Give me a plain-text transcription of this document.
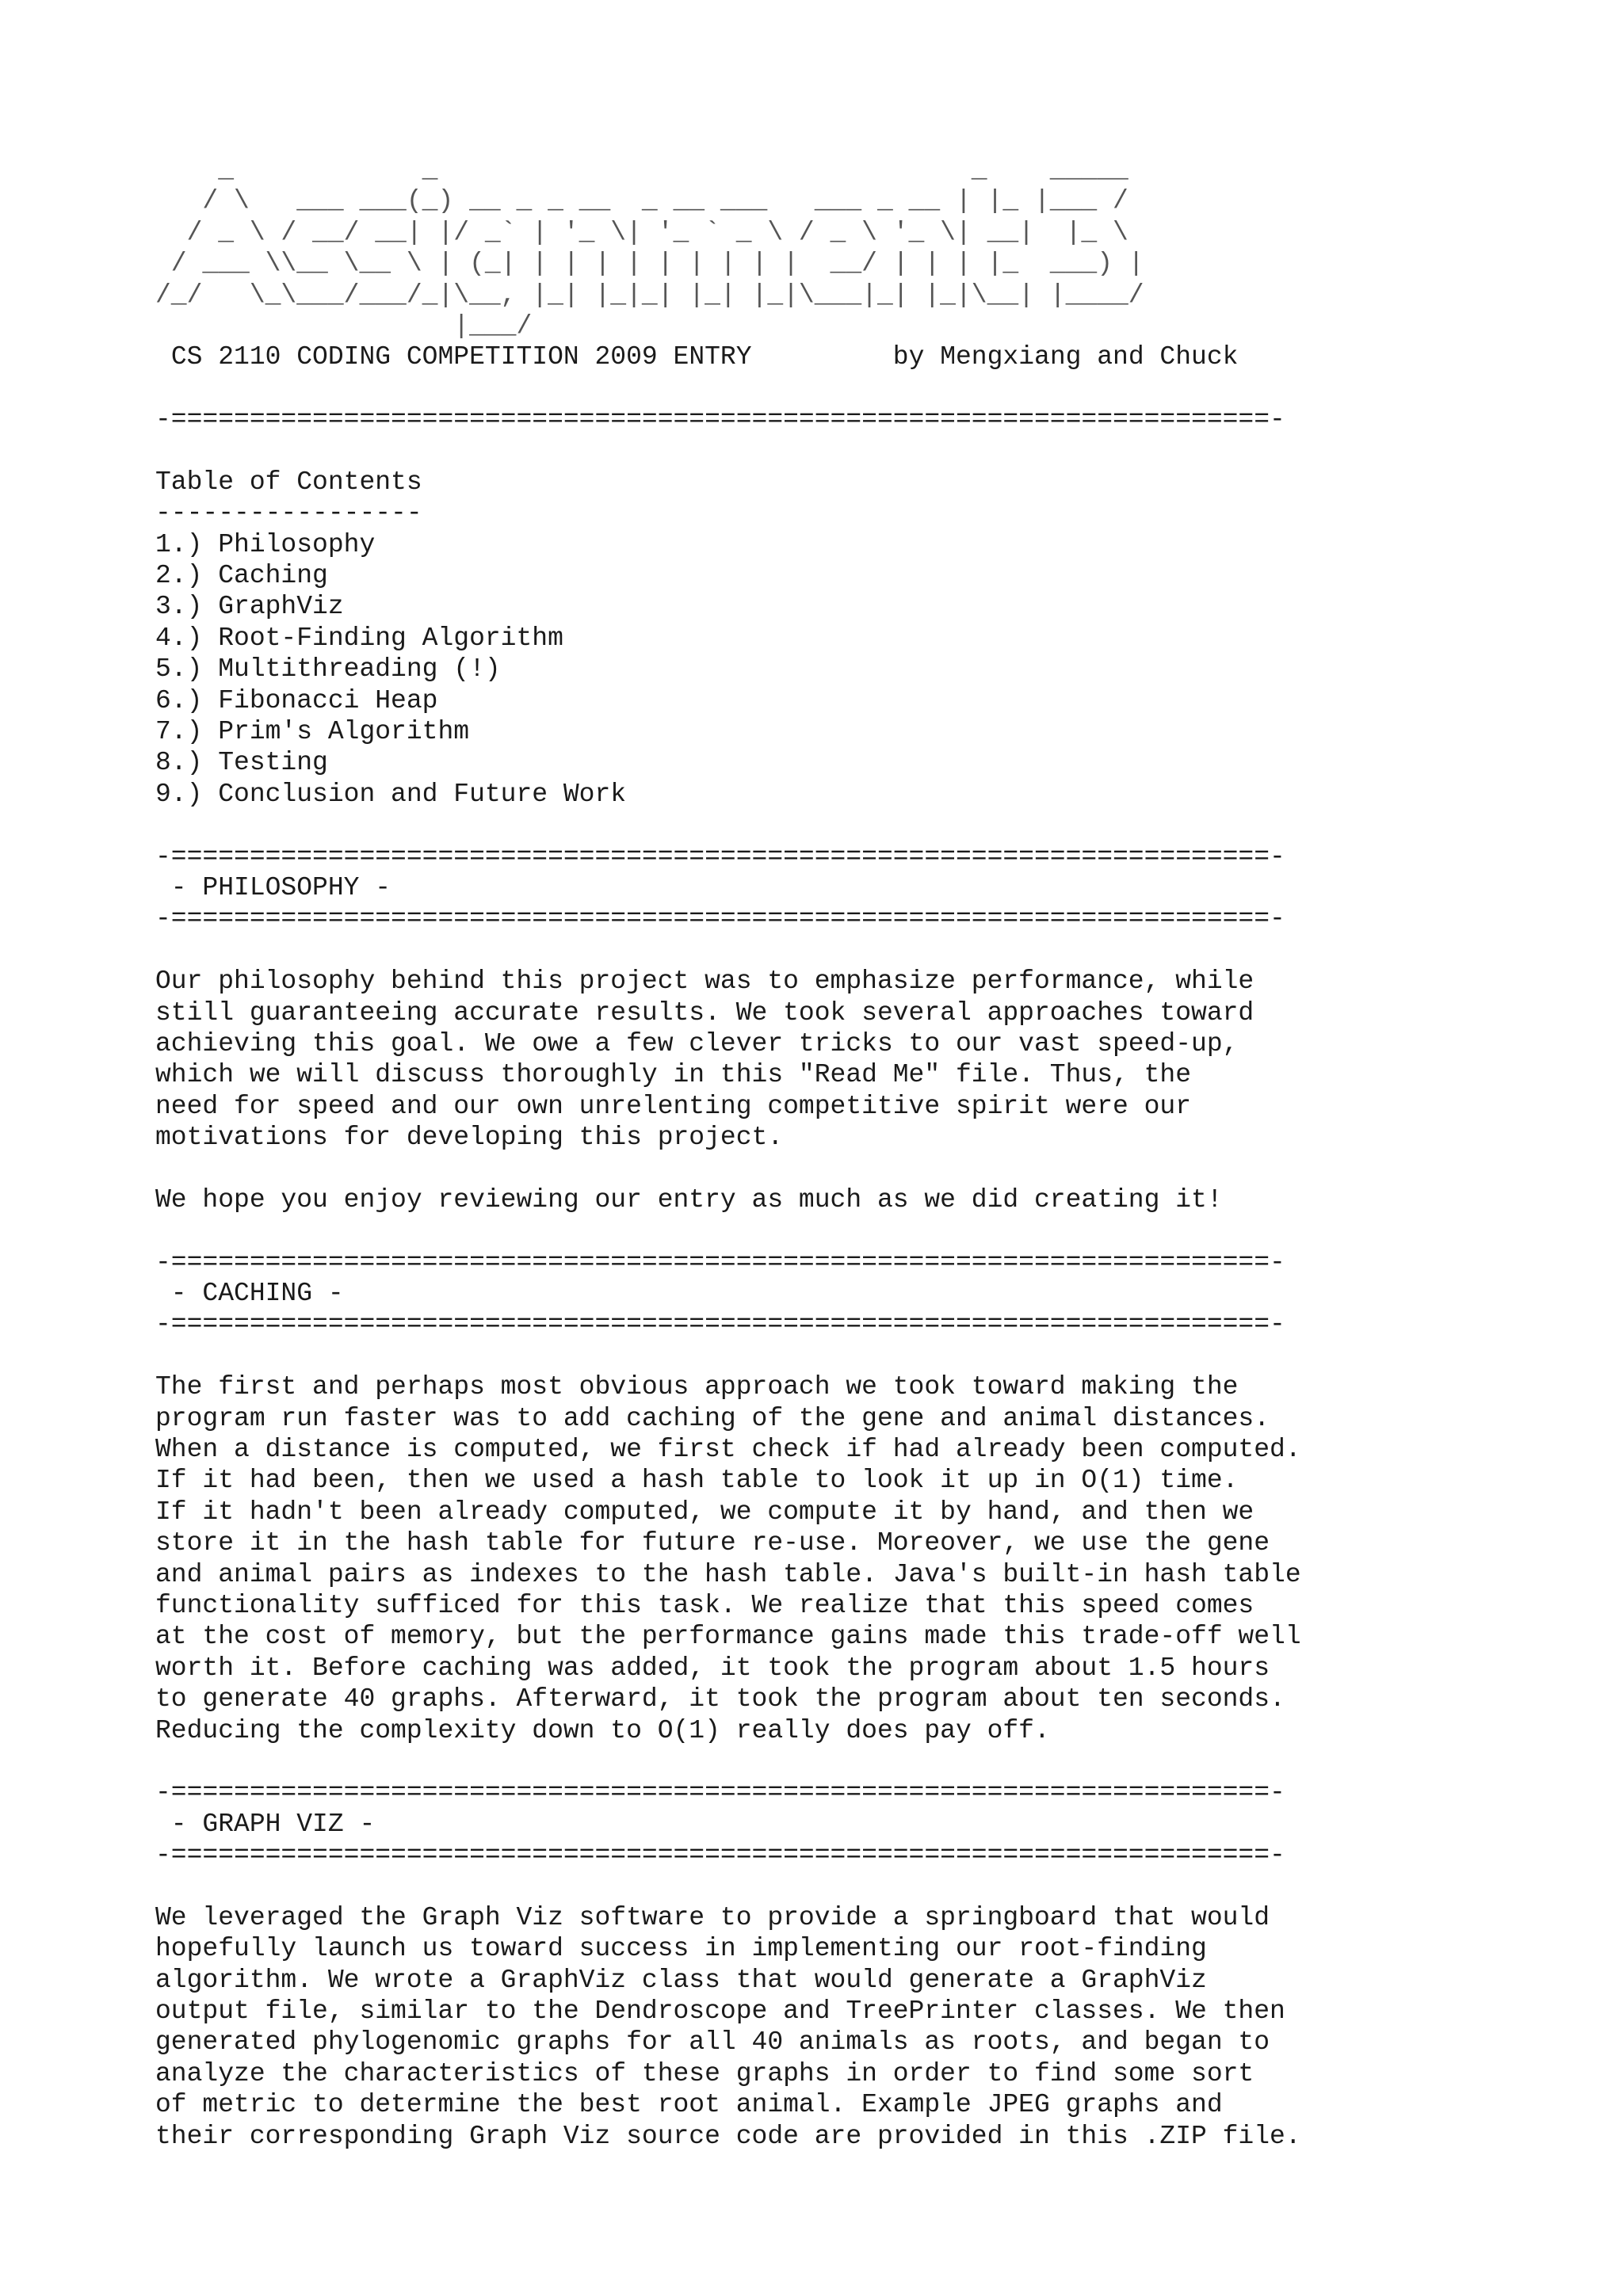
_            _                                  _    _____
/ \   ___ ___(_) __ _ _ __  _ __ ___   ___ _ __ | |_ |___ /
/ _ \ / __/ __| |/ _` | '_ \| '_ ` _ \ / _ \ '_ \| __|  |_ \
/ ___ \\__ \__ \ | (_| | | | | | | | | |  __/ | | | |_  ___) |
/_/   \_\___/___/_|\__, |_| |_|_| |_| |_|\___|_| |_|\__| |____/
|___/
CS 2110 CODING COMPETITION 2009 ENTRY	by Mengxiang and Chuck
-======================================================================-
Table of Contents
-----------------
1.) Philosophy
2.) Caching
3.) GraphViz
4.) Root-Finding Algorithm
5.) Multithreading (!)
6.) Fibonacci Heap
7.) Prim's Algorithm
8.) Testing
9.) Conclusion and Future Work
-======================================================================-
- PHILOSOPHY -
-======================================================================-
Our philosophy behind this project was to emphasize performance, while
still guaranteeing accurate results. We took several approaches toward
achieving this goal. We owe a few clever tricks to our vast speed-up,
which we will discuss thoroughly in this "Read Me" file. Thus, the
need for speed and our own unrelenting competitive spirit were our
motivations for developing this project.
We hope you enjoy reviewing our entry as much as we did creating it!
-======================================================================-
- CACHING -
-======================================================================-
The first and perhaps most obvious approach we took toward making the
program run faster was to add caching of the gene and animal distances.
When a distance is computed, we first check if had already been computed.
If it had been, then we used a hash table to look it up in O(1) time.
If it hadn't been already computed, we compute it by hand, and then we
store it in the hash table for future re-use. Moreover, we use the gene
and animal pairs as indexes to the hash table. Java's built-in hash table
functionality sufficed for this task. We realize that this speed comes
at the cost of memory, but the performance gains made this trade-off well
worth it. Before caching was added, it took the program about 1.5 hours
to generate 40 graphs. Afterward, it took the program about ten seconds.
Reducing the complexity down to O(1) really does pay off.
-======================================================================-
- GRAPH VIZ -
-======================================================================-
We leveraged the Graph Viz software to provide a springboard that would
hopefully launch us toward success in implementing our root-finding
algorithm. We wrote a GraphViz class that would generate a GraphViz
output file, similar to the Dendroscope and TreePrinter classes. We then
generated phylogenomic graphs for all 40 animals as roots, and began to
analyze the characteristics of these graphs in order to find some sort
of metric to determine the best root animal. Example JPEG graphs and
their corresponding Graph Viz source code are provided in this .ZIP file.
